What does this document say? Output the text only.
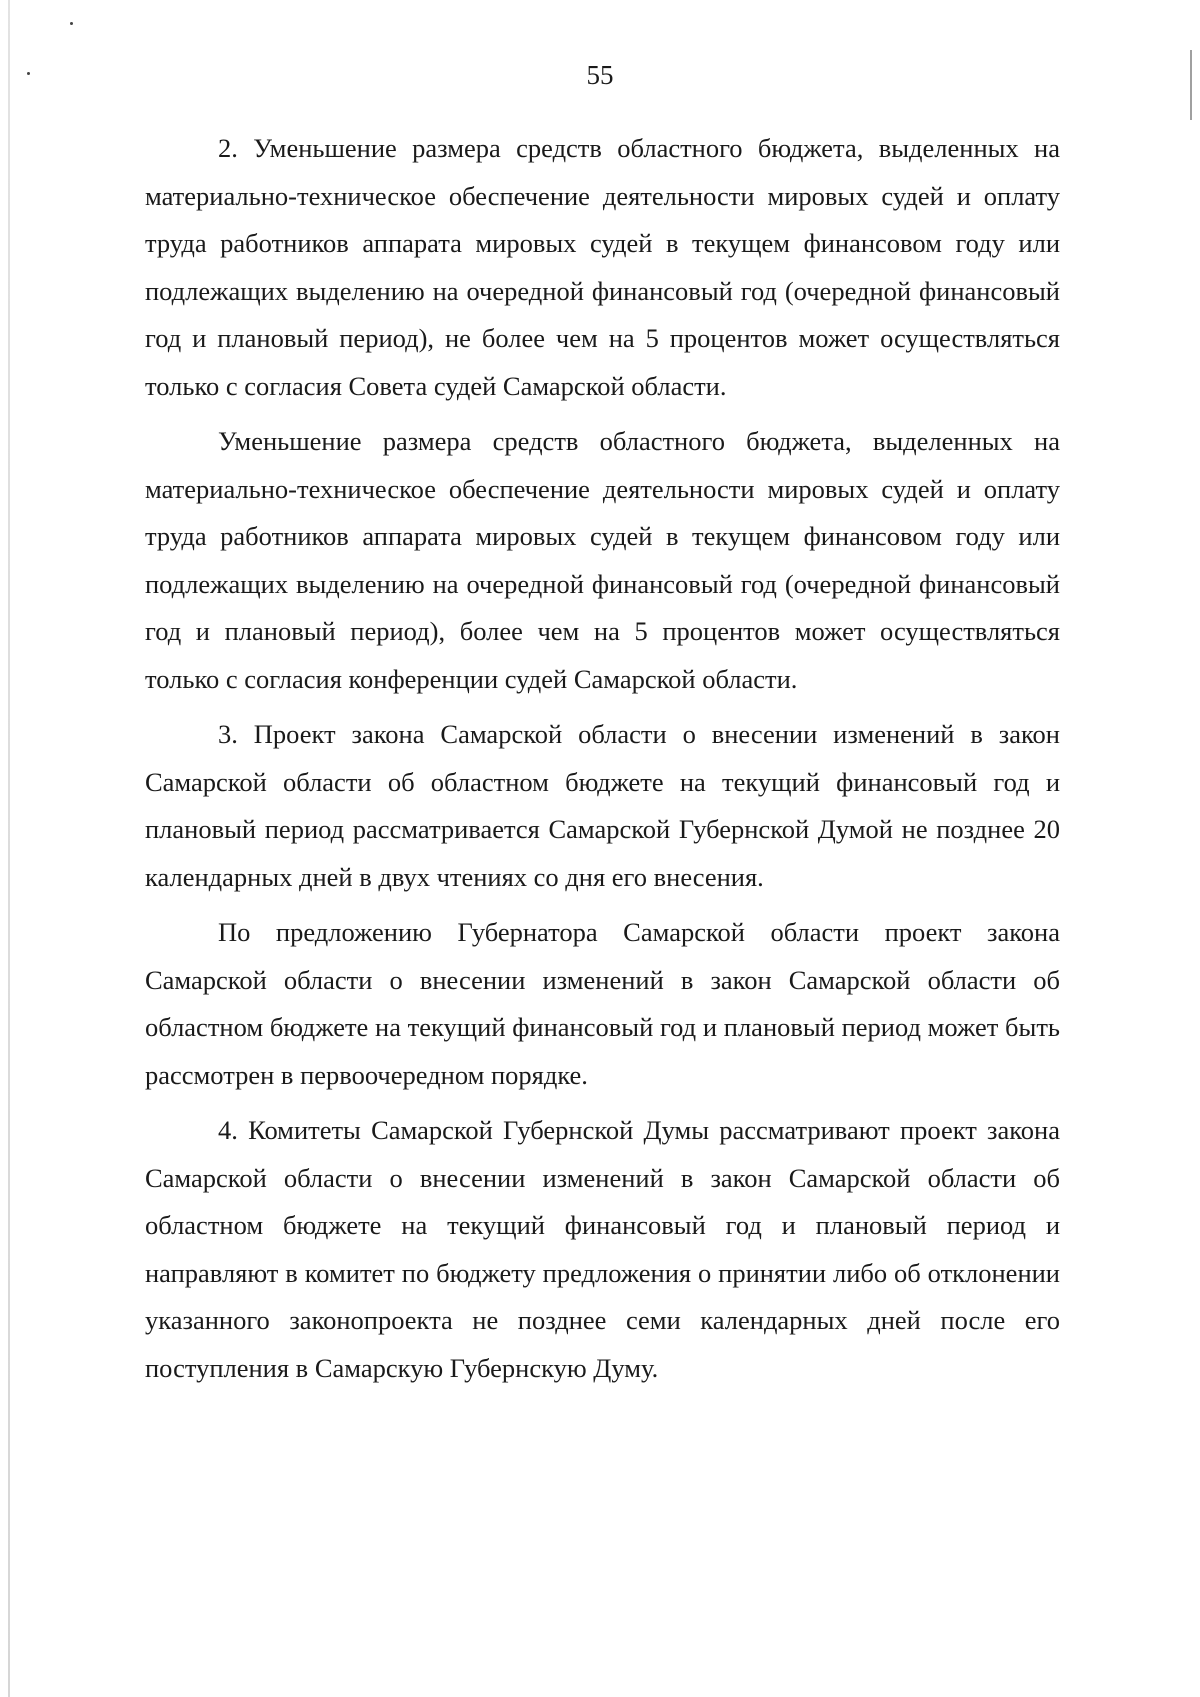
55

2. Уменьшение размера средств областного бюджета, выделенных на материально-техническое обеспечение деятельности мировых судей и оплату труда работников аппарата мировых судей в текущем финансовом году или подлежащих выделению на очередной финансовый год (очередной финансовый год и плановый период), не более чем на 5 процентов может осуществляться только с согласия Совета судей Самарской области.

Уменьшение размера средств областного бюджета, выделенных на материально-техническое обеспечение деятельности мировых судей и оплату труда работников аппарата мировых судей в текущем финансовом году или подлежащих выделению на очередной финансовый год (очередной финансовый год и плановый период), более чем на 5 процентов может осуществляться только с согласия конференции судей Самарской области.

3. Проект закона Самарской области о внесении изменений в закон Самарской области об областном бюджете на текущий финансовый год и плановый период рассматривается Самарской Губернской Думой не позднее 20 календарных дней в двух чтениях со дня его внесения.

По предложению Губернатора Самарской области проект закона Самарской области о внесении изменений в закон Самарской области об областном бюджете на текущий финансовый год и плановый период может быть рассмотрен в первоочередном порядке.

4. Комитеты Самарской Губернской Думы рассматривают проект закона Самарской области о внесении изменений в закон Самарской области об областном бюджете на текущий финансовый год и плановый период и направляют в комитет по бюджету предложения о принятии либо об отклонении указанного законопроекта не позднее семи календарных дней после его поступления в Самарскую Губернскую Думу.
